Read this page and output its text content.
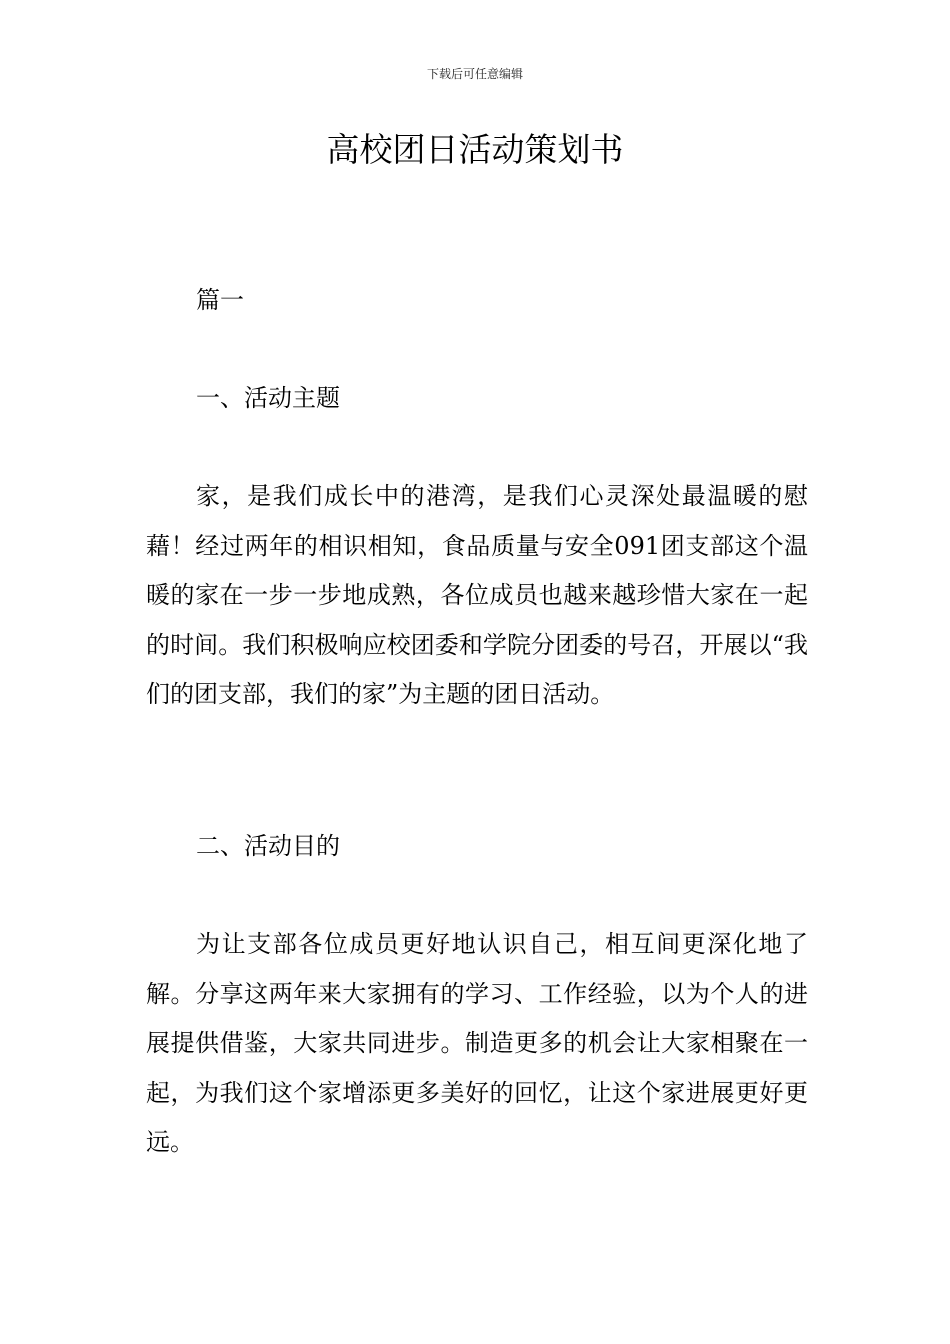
下载后可任意编辑
高校团日活动策划书
篇一
一、活动主题

家，是我们成长中的港湾，是我们心灵深处最温暖的慰藉！经过两年的相识相知，食品质量与安全091团支部这个温暖的家在一步一步地成熟，各位成员也越来越珍惜大家在一起的时间。我们积极响应校团委和学院分团委的号召，开展以“我们的团支部，我们的家”为主题的团日活动。

二、活动目的

为让支部各位成员更好地认识自己，相互间更深化地了解。分享这两年来大家拥有的学习、工作经验，以为个人的进展提供借鉴，大家共同进步。制造更多的机会让大家相聚在一起，为我们这个家增添更多美好的回忆，让这个家进展更好更远。
